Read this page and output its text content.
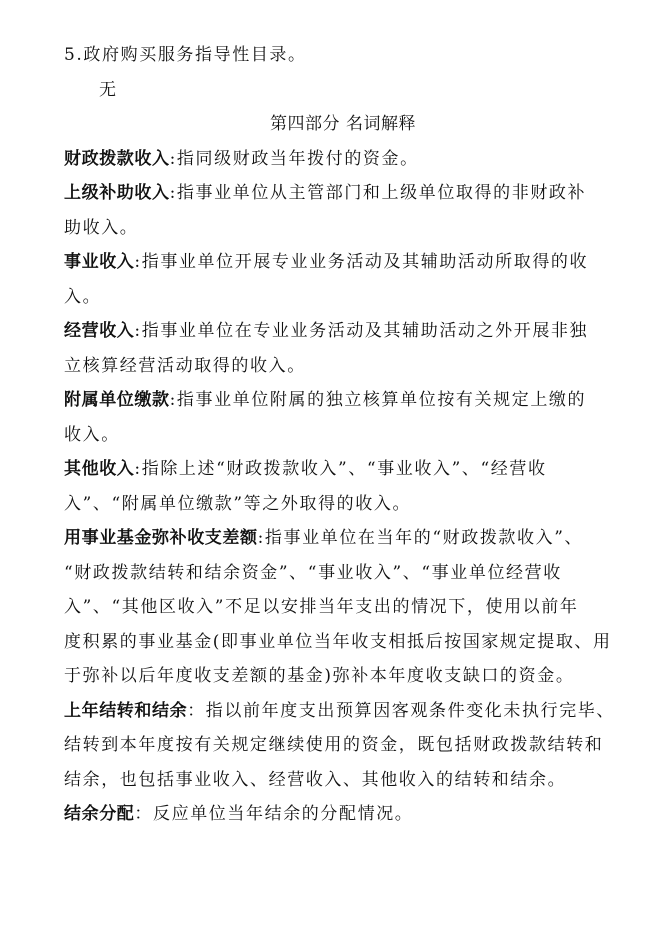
5.政府购买服务指导性目录。
无
第四部分 名词解释
财政拨款收入:指同级财政当年拨付的资金。
上级补助收入:指事业单位从主管部门和上级单位取得的非财政补
助收入。
事业收入:指事业单位开展专业业务活动及其辅助活动所取得的收
入。
经营收入:指事业单位在专业业务活动及其辅助活动之外开展非独
立核算经营活动取得的收入。
附属单位缴款:指事业单位附属的独立核算单位按有关规定上缴的
收入。
其他收入:指除上述“财政拨款收入”、“事业收入”、“经营收
入”、“附属单位缴款”等之外取得的收入。
用事业基金弥补收支差额:指事业单位在当年的“财政拨款收入”、
“财政拨款结转和结余资金”、“事业收入”、“事业单位经营收
入”、“其他区收入”不足以安排当年支出的情况下，使用以前年
度积累的事业基金(即事业单位当年收支相抵后按国家规定提取、用
于弥补以后年度收支差额的基金)弥补本年度收支缺口的资金。
上年结转和结余：指以前年度支出预算因客观条件变化未执行完毕、
结转到本年度按有关规定继续使用的资金，既包括财政拨款结转和
结余，也包括事业收入、经营收入、其他收入的结转和结余。
结余分配：反应单位当年结余的分配情况。
